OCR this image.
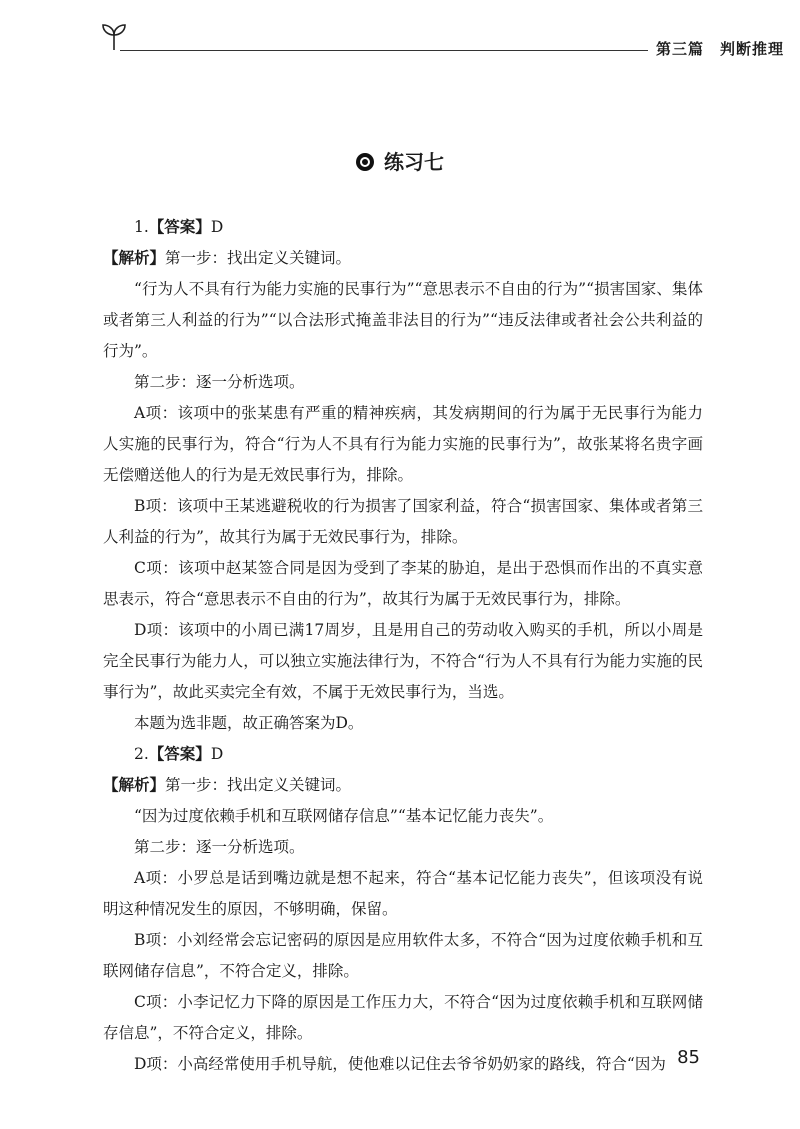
第三篇　判断推理
练习七

1.【答案】D

【解析】第一步：找出定义关键词。

“行为人不具有行为能力实施的民事行为”“意思表示不自由的行为”“损害国家、集体或者第三人利益的行为”“以合法形式掩盖非法目的行为”“违反法律或者社会公共利益的行为”。

第二步：逐一分析选项。

A项：该项中的张某患有严重的精神疾病，其发病期间的行为属于无民事行为能力人实施的民事行为，符合“行为人不具有行为能力实施的民事行为”，故张某将名贵字画无偿赠送他人的行为是无效民事行为，排除。

B项：该项中王某逃避税收的行为损害了国家利益，符合“损害国家、集体或者第三人利益的行为”，故其行为属于无效民事行为，排除。

C项：该项中赵某签合同是因为受到了李某的胁迫，是出于恐惧而作出的不真实意思表示，符合“意思表示不自由的行为”，故其行为属于无效民事行为，排除。

D项：该项中的小周已满17周岁，且是用自己的劳动收入购买的手机，所以小周是完全民事行为能力人，可以独立实施法律行为，不符合“行为人不具有行为能力实施的民事行为”，故此买卖完全有效，不属于无效民事行为，当选。

本题为选非题，故正确答案为D。

2.【答案】D

【解析】第一步：找出定义关键词。

“因为过度依赖手机和互联网储存信息”“基本记忆能力丧失”。

第二步：逐一分析选项。

A项：小罗总是话到嘴边就是想不起来，符合“基本记忆能力丧失”，但该项没有说明这种情况发生的原因，不够明确，保留。

B项：小刘经常会忘记密码的原因是应用软件太多，不符合“因为过度依赖手机和互联网储存信息”，不符合定义，排除。

C项：小李记忆力下降的原因是工作压力大，不符合“因为过度依赖手机和互联网储存信息”，不符合定义，排除。

D项：小高经常使用手机导航，使他难以记住去爷爷奶奶家的路线，符合“因为 85
